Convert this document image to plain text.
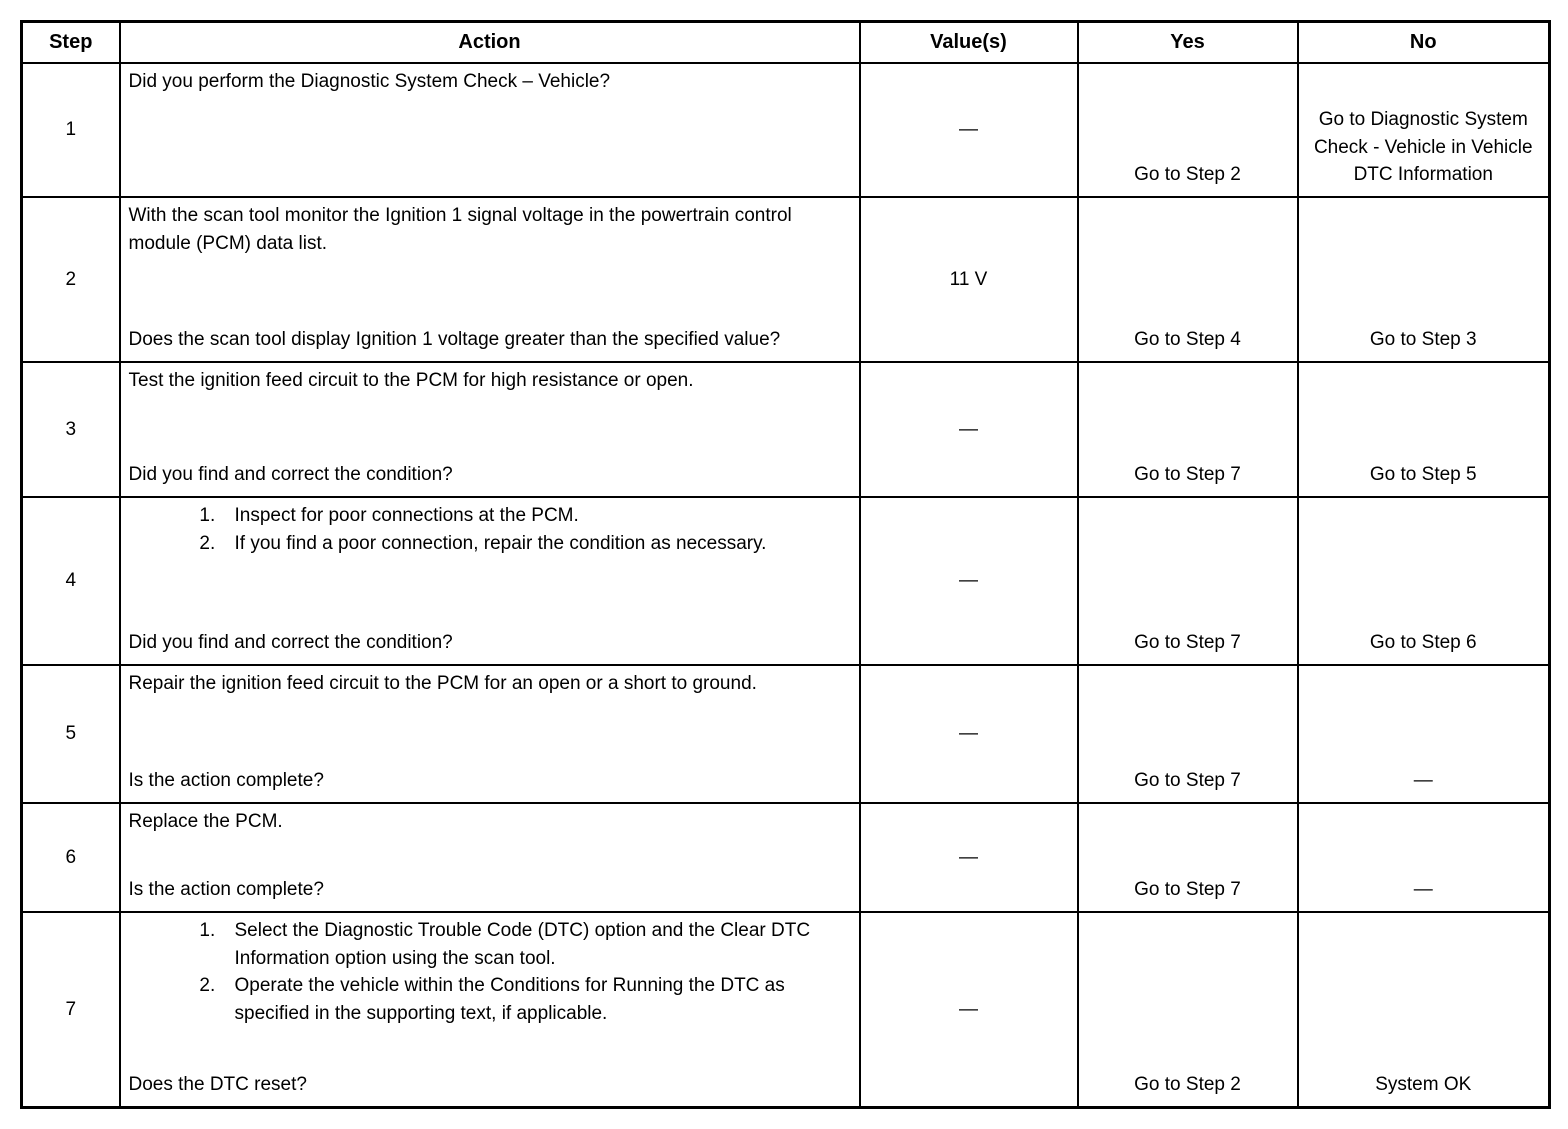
Step	Action	Value(s)	Yes	No
1	Did you perform the Diagnostic System Check – Vehicle?	—	Go to Step 2	Go to Diagnostic System Check - Vehicle in Vehicle DTC Information
2	With the scan tool monitor the Ignition 1 signal voltage in the powertrain control module (PCM) data list.
Does the scan tool display Ignition 1 voltage greater than the specified value?	11 V	Go to Step 4	Go to Step 3
3	Test the ignition feed circuit to the PCM for high resistance or open.
Did you find and correct the condition?	—	Go to Step 7	Go to Step 5
4	
1. Inspect for poor connections at the PCM.
2. If you find a poor connection, repair the condition as necessary.
Did you find and correct the condition?
	—	Go to Step 7	Go to Step 6
5	Repair the ignition feed circuit to the PCM for an open or a short to ground.
Is the action complete?	—	Go to Step 7	—
6	Replace the PCM.
Is the action complete?	—	Go to Step 7	—
7	
1. Select the Diagnostic Trouble Code (DTC) option and the Clear DTC Information option using the scan tool.
2. Operate the vehicle within the Conditions for Running the DTC as specified in the supporting text, if applicable.
Does the DTC reset?
	—	Go to Step 2	System OK
